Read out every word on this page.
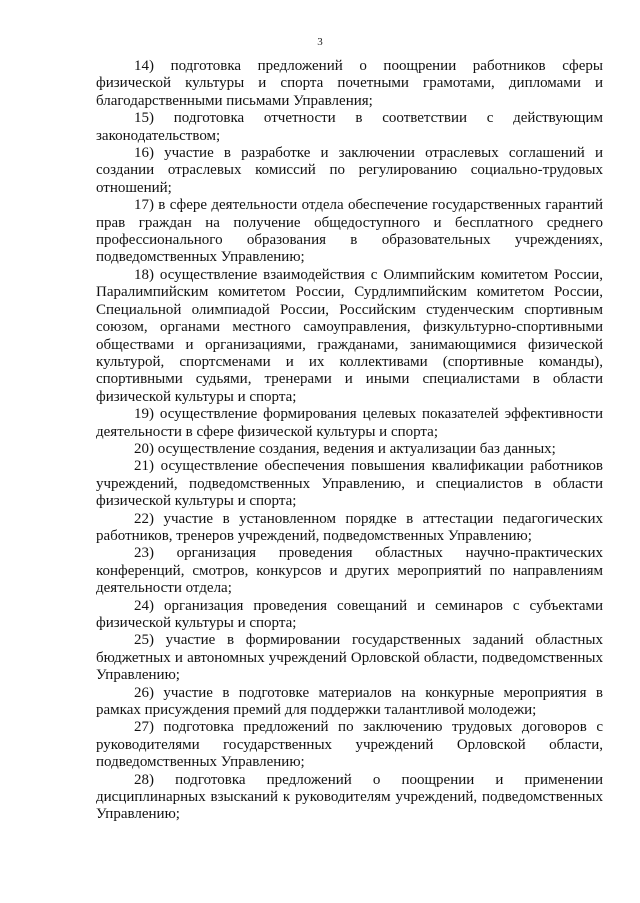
3

14) подготовка предложений о поощрении работников сферы физической культуры и спорта почетными грамотами, дипломами и благодарственными письмами Управления;

15) подготовка отчетности в соответствии с действующим законодательством;

16) участие в разработке и заключении отраслевых соглашений и создании отраслевых комиссий по регулированию социально-трудовых отношений;

17) в сфере деятельности отдела обеспечение государственных гарантий прав граждан на получение общедоступного и бесплатного среднего профессионального образования в образовательных учреждениях, подведомственных Управлению;

18) осуществление взаимодействия с Олимпийским комитетом России, Паралимпийским комитетом России, Сурдлимпийским комитетом России, Специальной олимпиадой России, Российским студенческим спортивным союзом, органами местного самоуправления, физкультурно-спортивными обществами и организациями, гражданами, занимающимися физической культурой, спортсменами и их коллективами (спортивные команды), спортивными судьями, тренерами и иными специалистами в области физической культуры и спорта;

19) осуществление формирования целевых показателей эффективности деятельности в сфере физической культуры и спорта;

20) осуществление создания, ведения и актуализации баз данных;

21) осуществление обеспечения повышения квалификации работников учреждений, подведомственных Управлению, и специалистов в области физической культуры и спорта;

22) участие в установленном порядке в аттестации педагогических работников, тренеров учреждений, подведомственных Управлению;

23) организация проведения областных научно-практических конференций, смотров, конкурсов и других мероприятий по направлениям деятельности отдела;

24) организация проведения совещаний и семинаров с субъектами физической культуры и спорта;

25) участие в формировании государственных заданий областных бюджетных и автономных учреждений Орловской области, подведомственных Управлению;

26) участие в подготовке материалов на конкурные мероприятия в рамках присуждения премий для поддержки талантливой молодежи;

27) подготовка предложений по заключению трудовых договоров с руководителями государственных учреждений Орловской области, подведомственных Управлению;

28) подготовка предложений о поощрении и применении дисциплинарных взысканий к руководителям учреждений, подведомственных Управлению;
